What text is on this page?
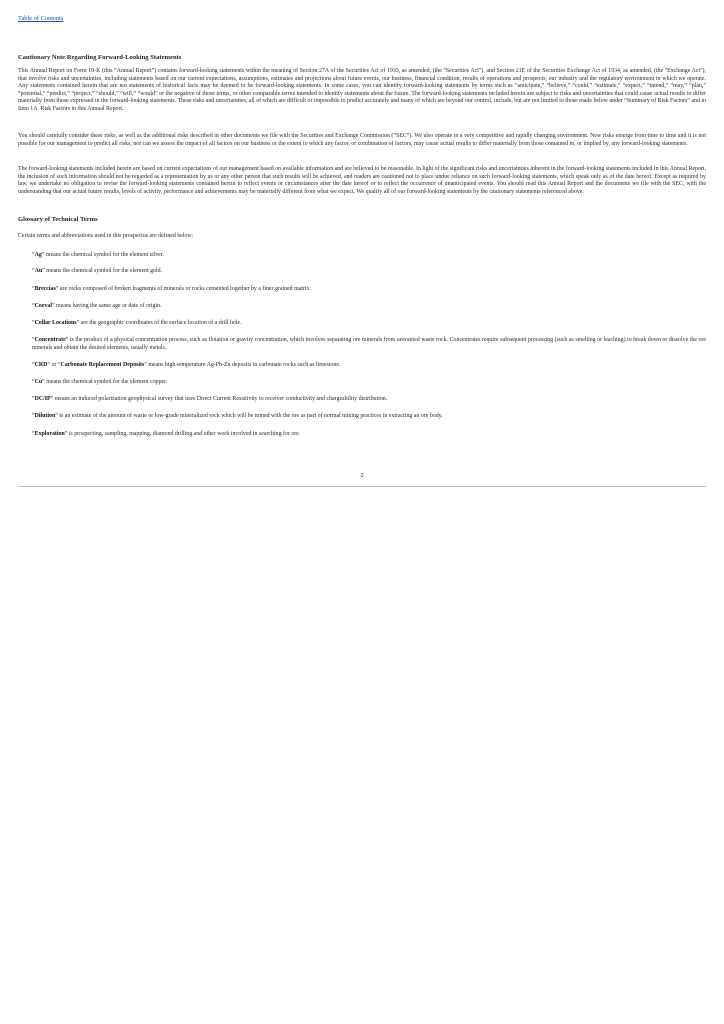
Table of Contents

Cautionary Note Regarding Forward-Looking Statements

This Annual Report on Form 10-K (this “Annual Report”) contains forward-looking statements within the meaning of Section 27A of the Securities Act of 1933, as amended, (the "Securities Act"), and Section 21E of the Securities Exchange Act of 1934, as amended, (the "Exchange Act"), that involve risks and uncertainties, including statements based on our current expectations, assumptions, estimates and projections about future events, our business, financial condition, results of operations and prospects, our industry and the regulatory environment in which we operate. Any statements contained herein that are not statements of historical facts may be deemed to be forward-looking statements. In some cases, you can identify forward-looking statements by terms such as “anticipate,” “believe,” “could,” “estimate,” “expect,” “intend,” “may,” “plan,” “potential,” “predict,” “project,” “should,” “will,” “would” or the negative of those terms, or other comparable terms intended to identify statements about the future. The forward-looking statements included herein are subject to risks and uncertainties that could cause actual results to differ materially from those expressed in the forward-looking statements. These risks and uncertainties, all of which are difficult or impossible to predict accurately and many of which are beyond our control, include, but are not limited to those made below under “Summary of Risk Factors” and in Item 1A. Risk Factors in this Annual Report.

You should carefully consider these risks, as well as the additional risks described in other documents we file with the Securities and Exchange Commission (“SEC”). We also operate in a very competitive and rapidly changing environment. New risks emerge from time to time and it is not possible for our management to predict all risks, nor can we assess the impact of all factors on our business or the extent to which any factor, or combination of factors, may cause actual results to differ materially from those contained in, or implied by, any forward-looking statements.

The forward-looking statements included herein are based on current expectations of our management based on available information and are believed to be reasonable. In light of the significant risks and uncertainties inherent in the forward-looking statements included in this Annual Report, the inclusion of such information should not be regarded as a representation by us or any other person that such results will be achieved, and readers are cautioned not to place undue reliance on such forward-looking statements, which speak only as of the date hereof. Except as required by law, we undertake no obligation to revise the forward-looking statements contained herein to reflect events or circumstances after the date hereof or to reflect the occurrence of unanticipated events. You should read this Annual Report and the documents we file with the SEC, with the understanding that our actual future results, levels of activity, performance and achievements may be materially different from what we expect. We qualify all of our forward-looking statements by the cautionary statements referenced above.

Glossary of Technical Terms

Certain terms and abbreviations used in this prospectus are defined below:

“Ag” means the chemical symbol for the element silver.

“Au” means the chemical symbol for the element gold.

“Breccias” are rocks composed of broken fragments of minerals or rocks cemented together by a finer grained matrix.

“Coeval” means having the same age or date of origin.

“Collar Locations” are the geographic coordinates of the surface location of a drill hole.

“Concentrate” is the product of a physical concentration process, such as flotation or gravity concentration, which involves separating ore minerals from unwanted waste rock. Concentrates require subsequent processing (such as smelting or leaching) to break down or dissolve the ore minerals and obtain the desired elements, usually metals.

“CRD” or “Carbonate Replacement Deposits” means high-temperature Ag-Pb-Zn deposits in carbonate rocks such as limestone.

“Cu” means the chemical symbol for the element copper.

“DC/IP” means an induced polarization geophysical survey that uses Direct Current Resistivity to receiver conductivity and chargeability distribution.

“Dilution” is an estimate of the amount of waste or low-grade mineralized rock which will be mined with the ore as part of normal mining practices in extracting an ore body.

“Exploration” is prospecting, sampling, mapping, diamond drilling and other work involved in searching for ore.

2
